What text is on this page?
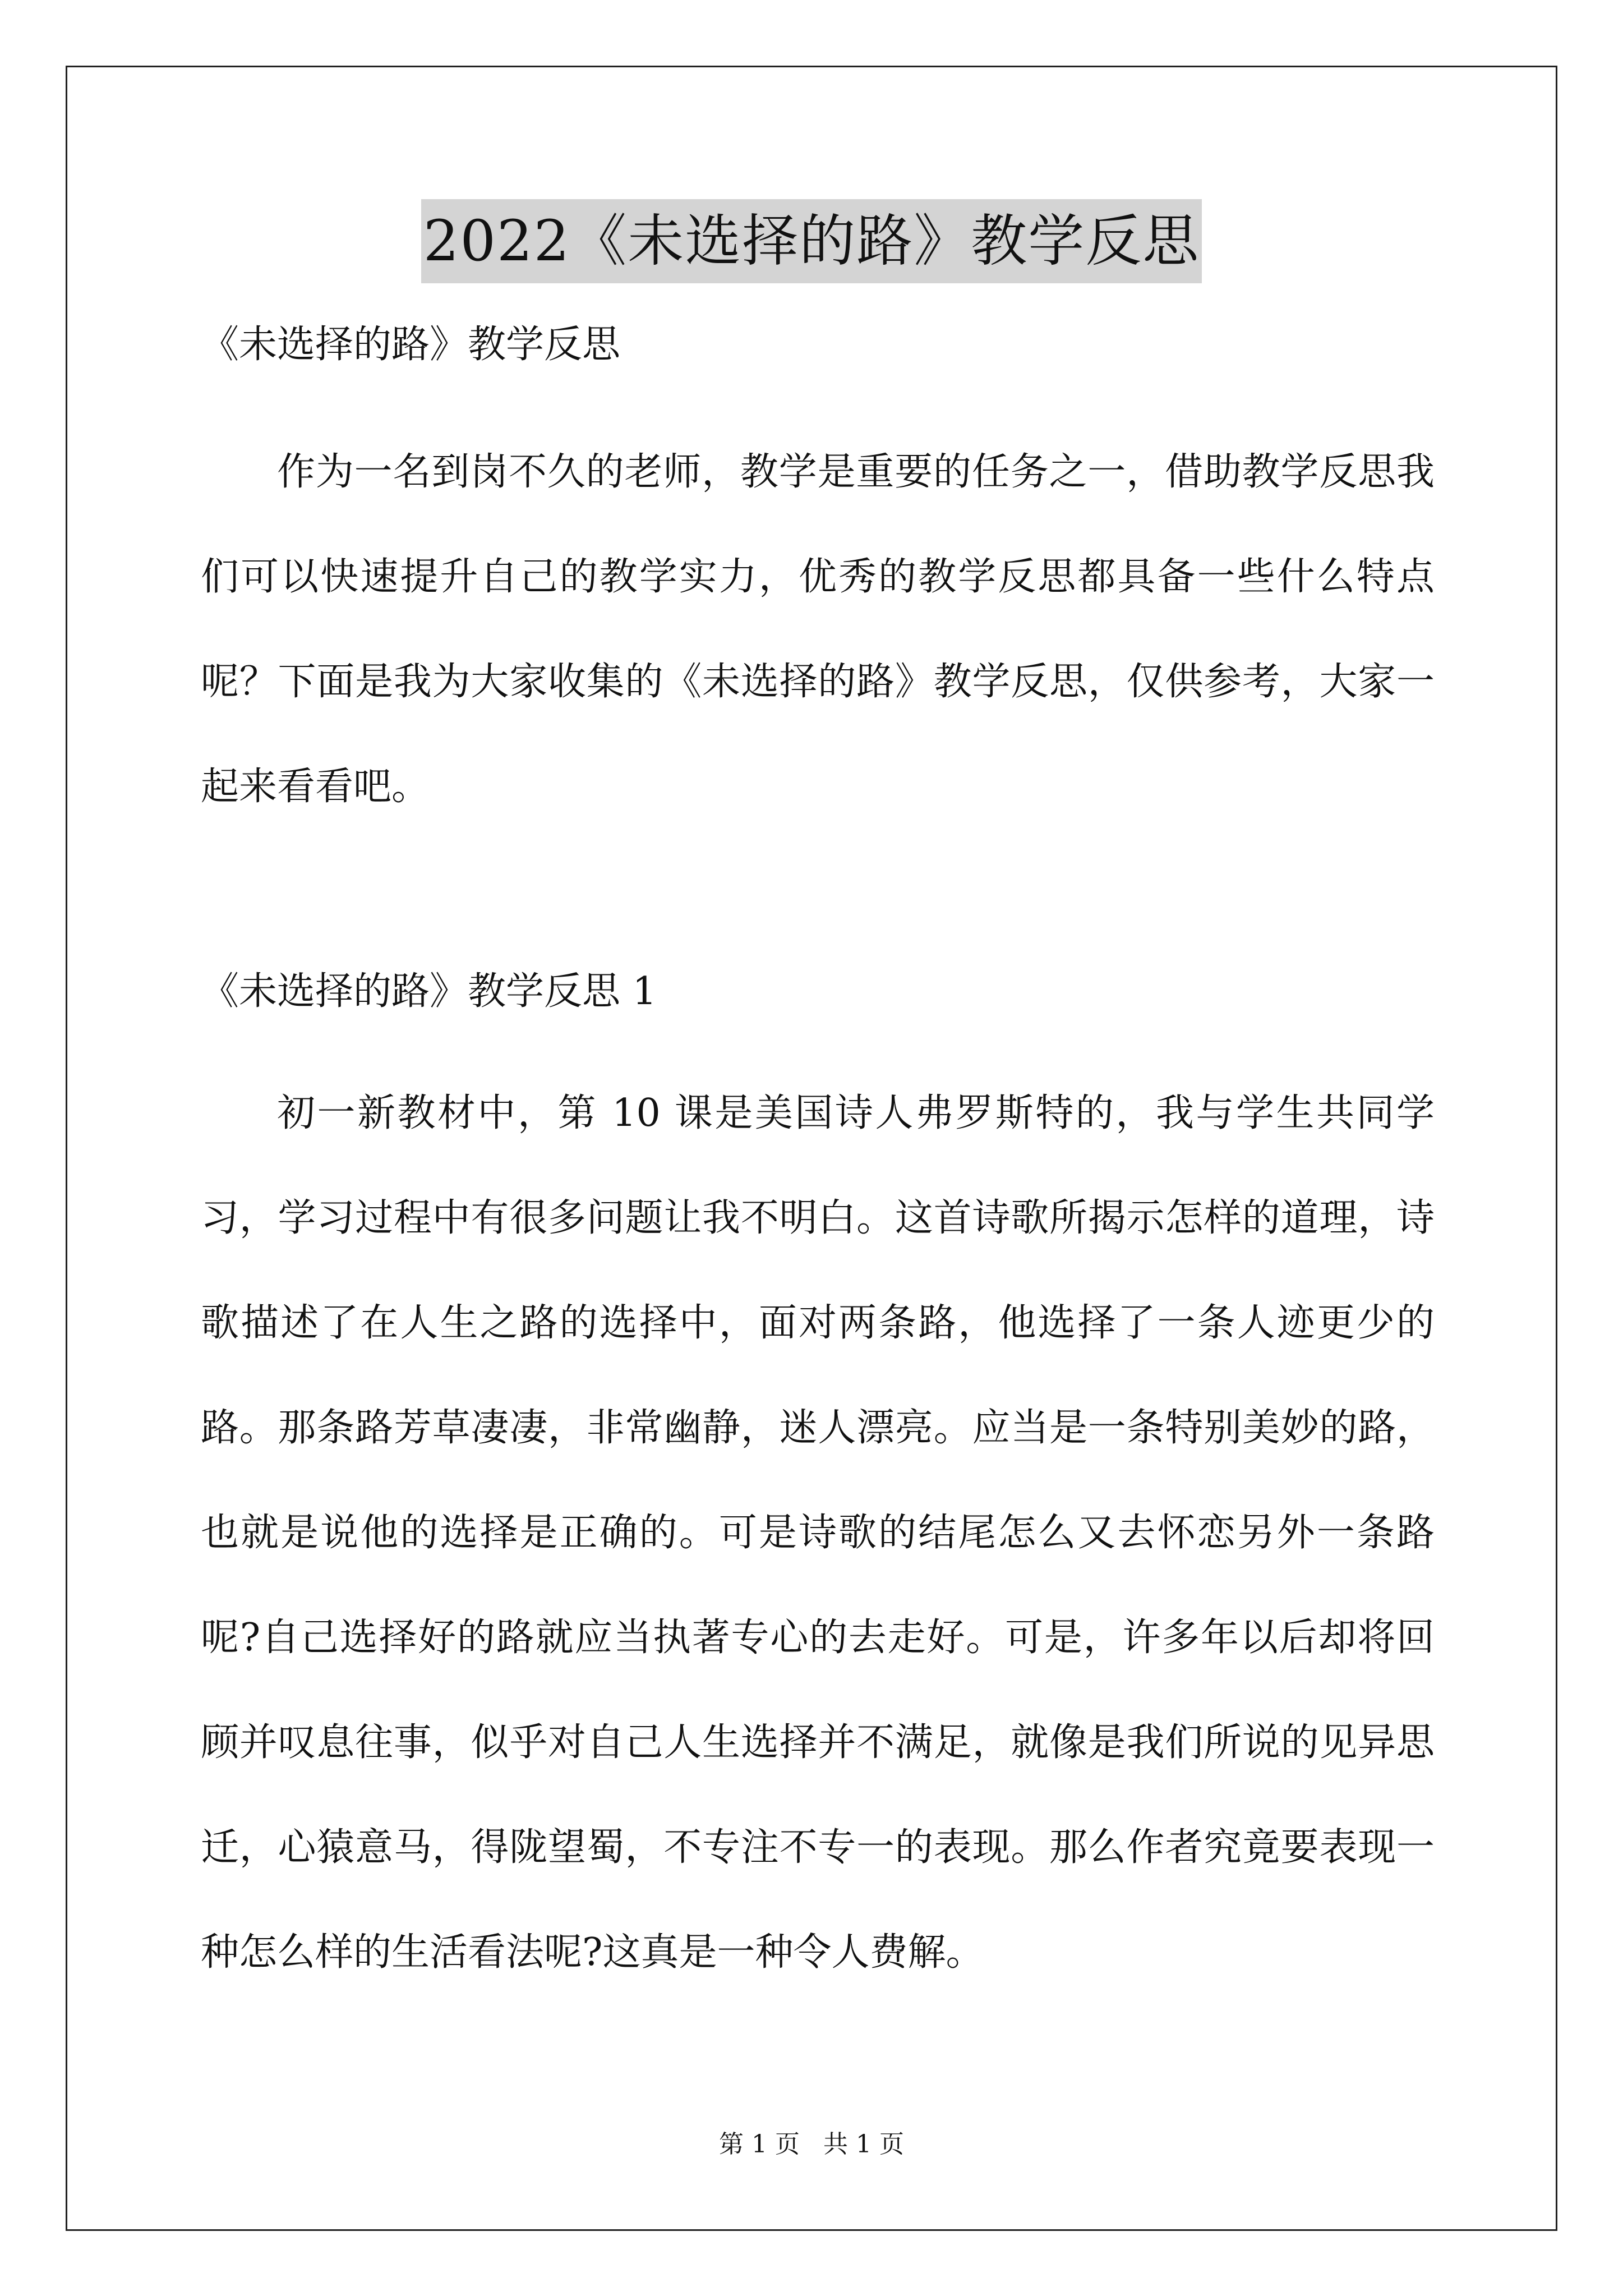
2022《未选择的路》教学反思

《未选择的路》教学反思

作为一名到岗不久的老师，教学是重要的任务之一，借助教学反思我们可以快速提升自己的教学实力，优秀的教学反思都具备一些什么特点呢？下面是我为大家收集的《未选择的路》教学反思，仅供参考，大家一起来看看吧。

《未选择的路》教学反思 1

初一新教材中，第 10 课是美国诗人弗罗斯特的，我与学生共同学习，学习过程中有很多问题让我不明白。这首诗歌所揭示怎样的道理，诗歌描述了在人生之路的选择中，面对两条路，他选择了一条人迹更少的路。那条路芳草凄凄，非常幽静，迷人漂亮。应当是一条特别美妙的路，也就是说他的选择是正确的。可是诗歌的结尾怎么又去怀恋另外一条路呢?自己选择好的路就应当执著专心的去走好。可是，许多年以后却将回顾并叹息往事，似乎对自己人生选择并不满足，就像是我们所说的见异思迁，心猿意马，得陇望蜀，不专注不专一的表现。那么作者究竟要表现一种怎么样的生活看法呢?这真是一种令人费解。

第 1 页   共 1 页
